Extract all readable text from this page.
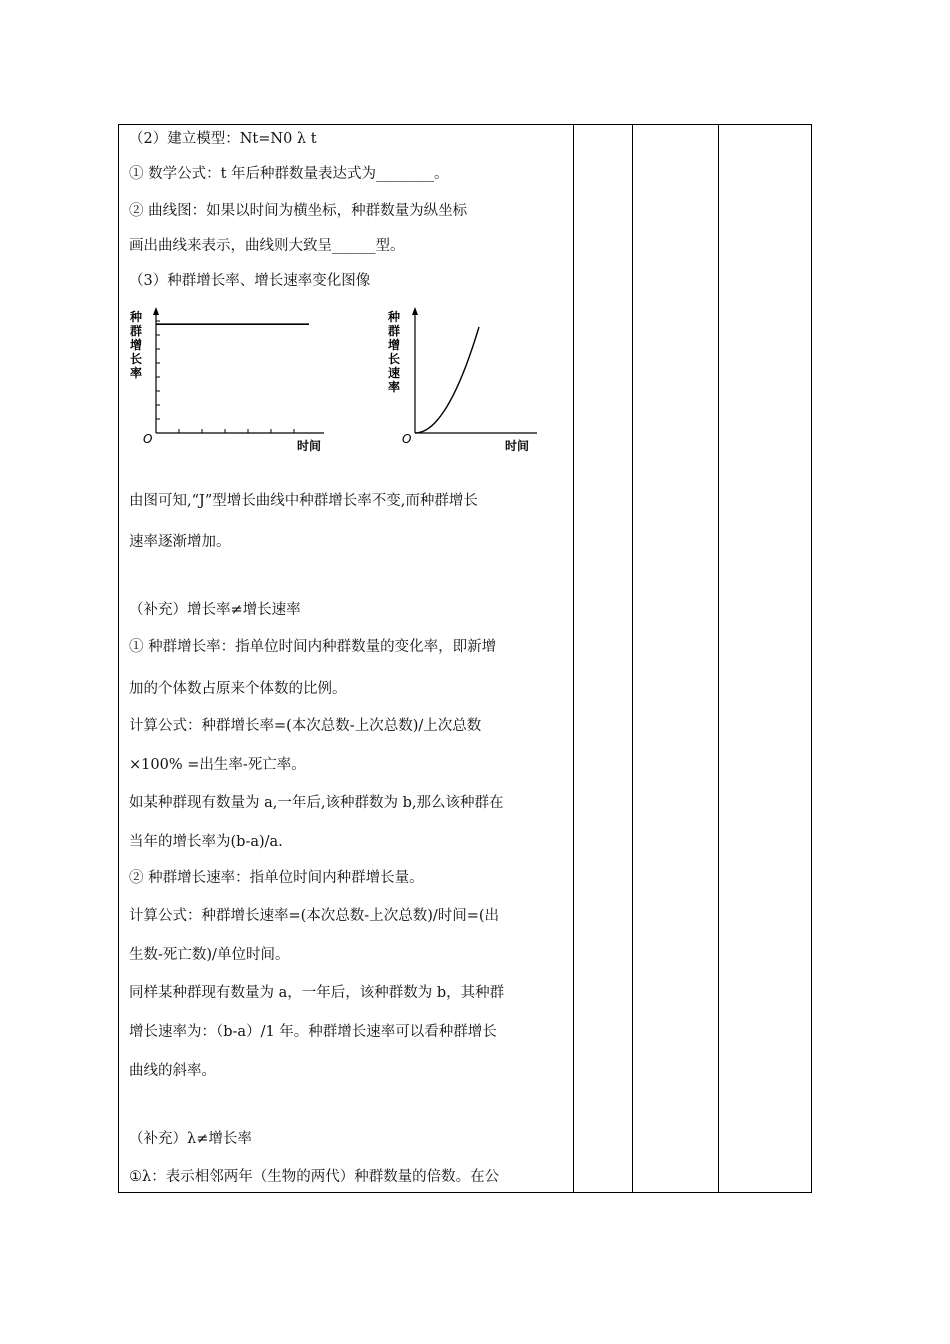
（2）建立模型：Nt=N0 λ t
① 数学公式：t 年后种群数量表达式为________。
② 曲线图：如果以时间为横坐标，种群数量为纵坐标
画出曲线来表示，曲线则大致呈______型。
（3）种群增长率、增长速率变化图像
种群增长率
O	时间
种群增长速率
O	时间
由图可知,“J”型增长曲线中种群增长率不变,而种群增长
速率逐渐增加。
（补充）增长率≠增长速率
① 种群增长率：指单位时间内种群数量的变化率，即新增
加的个体数占原来个体数的比例。
计算公式：种群增长率=(本次总数-上次总数)/上次总数
×100% =出生率-死亡率。
如某种群现有数量为 a,一年后,该种群数为 b,那么该种群在
当年的增长率为(b-a)/a.
② 种群增长速率：指单位时间内种群增长量。
计算公式：种群增长速率=(本次总数-上次总数)/时间=(出
生数-死亡数)/单位时间。
同样某种群现有数量为 a，一年后，该种群数为 b，其种群
增长速率为：（b-a）/1 年。种群增长速率可以看种群增长
曲线的斜率。
（补充）λ≠增长率
①λ：表示相邻两年（生物的两代）种群数量的倍数。在公
